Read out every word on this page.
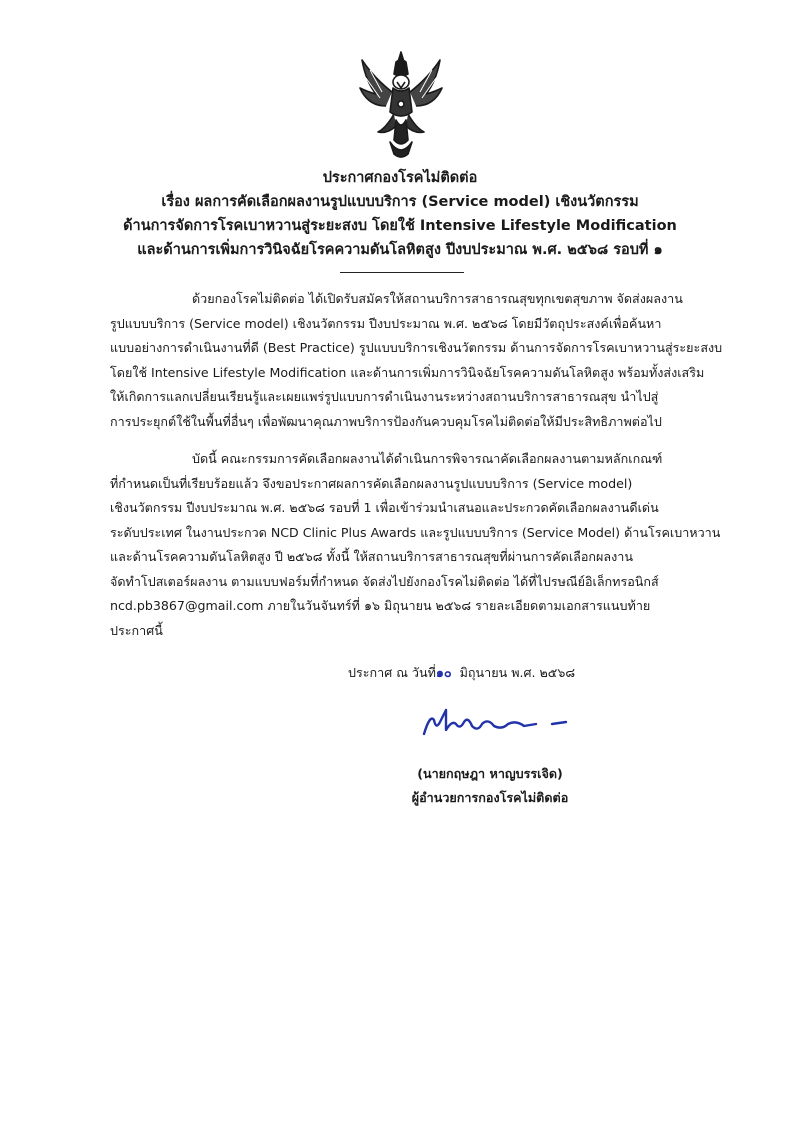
ประกาศกองโรคไม่ติดต่อ
เรื่อง ผลการคัดเลือกผลงานรูปแบบบริการ (Service model) เชิงนวัตกรรม
ด้านการจัดการโรคเบาหวานสู่ระยะสงบ โดยใช้ Intensive Lifestyle Modification
และด้านการเพิ่มการวินิจฉัยโรคความดันโลหิตสูง ปีงบประมาณ พ.ศ. ๒๕๖๘ รอบที่ ๑
ด้วยกองโรคไม่ติดต่อ ได้เปิดรับสมัครให้สถานบริการสาธารณสุขทุกเขตสุขภาพ จัดส่งผลงาน
รูปแบบบริการ (Service model) เชิงนวัตกรรม ปีงบประมาณ พ.ศ. ๒๕๖๘ โดยมีวัตถุประสงค์เพื่อค้นหา
แบบอย่างการดำเนินงานที่ดี (Best Practice) รูปแบบบริการเชิงนวัตกรรม ด้านการจัดการโรคเบาหวานสู่ระยะสงบ
โดยใช้ Intensive Lifestyle Modification และด้านการเพิ่มการวินิจฉัยโรคความดันโลหิตสูง พร้อมทั้งส่งเสริม
ให้เกิดการแลกเปลี่ยนเรียนรู้และเผยแพร่รูปแบบการดำเนินงานระหว่างสถานบริการสาธารณสุข นำไปสู่
การประยุกต์ใช้ในพื้นที่อื่นๆ เพื่อพัฒนาคุณภาพบริการป้องกันควบคุมโรคไม่ติดต่อให้มีประสิทธิภาพต่อไป
บัดนี้ คณะกรรมการคัดเลือกผลงานได้ดำเนินการพิจารณาคัดเลือกผลงานตามหลักเกณฑ์
ที่กำหนดเป็นที่เรียบร้อยแล้ว จึงขอประกาศผลการคัดเลือกผลงานรูปแบบบริการ (Service model)
เชิงนวัตกรรม ปีงบประมาณ พ.ศ. ๒๕๖๘ รอบที่ 1 เพื่อเข้าร่วมนำเสนอและประกวดคัดเลือกผลงานดีเด่น
ระดับประเทศ ในงานประกวด NCD Clinic Plus Awards และรูปแบบบริการ (Service Model) ด้านโรคเบาหวาน
และด้านโรคความดันโลหิตสูง ปี ๒๕๖๘ ทั้งนี้ ให้สถานบริการสาธารณสุขที่ผ่านการคัดเลือกผลงาน
จัดทำโปสเตอร์ผลงาน ตามแบบฟอร์มที่กำหนด จัดส่งไปยังกองโรคไม่ติดต่อ ได้ที่ไปรษณีย์อิเล็กทรอนิกส์
ncd.pb3867@gmail.com ภายในวันจันทร์ที่ ๑๖ มิถุนายน ๒๕๖๘ รายละเอียดตามเอกสารแนบท้าย
ประกาศนี้
ประกาศ ณ วันที่๑๐ มิถุนายน พ.ศ. ๒๕๖๘
(นายกฤษฎา หาญบรรเจิด)
ผู้อำนวยการกองโรคไม่ติดต่อ
